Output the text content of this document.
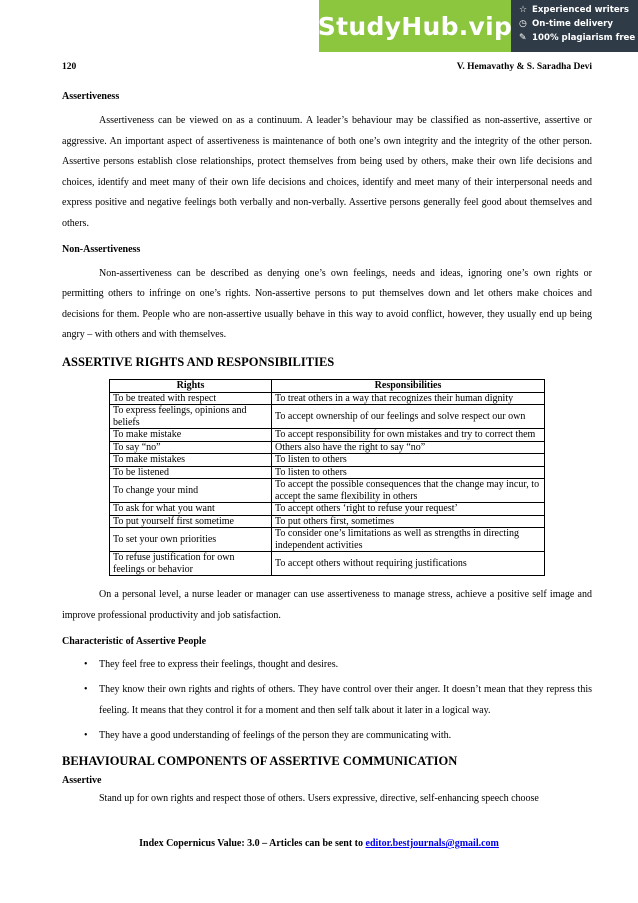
StudyHub.vip
☆ Experienced writers
◷ On-time delivery
✎ 100% plagiarism free
120	V. Hemavathy & S. Saradha Devi
Assertiveness

Assertiveness can be viewed on as a continuum. A leader’s behaviour may be classified as non-assertive, assertive or aggressive. An important aspect of assertiveness is maintenance of both one’s own integrity and the integrity of the other person. Assertive persons establish close relationships, protect themselves from being used by others, make their own life decisions and choices, identify and meet many of their own life decisions and choices, identify and meet many of their interpersonal needs and express positive and negative feelings both verbally and non-verbally. Assertive persons generally feel good about themselves and others.

Non-Assertiveness

Non-assertiveness can be described as denying one’s own feelings, needs and ideas, ignoring one’s own rights or permitting others to infringe on one’s rights. Non-assertive persons to put themselves down and let others make choices and decisions for them. People who are non-assertive usually behave in this way to avoid conflict, however, they usually end up being angry – with others and with themselves.

ASSERTIVE RIGHTS AND RESPONSIBILITIES
Rights	Responsibilities
To be treated with respect	To treat others in a way that recognizes their human dignity
To express feelings, opinions and beliefs	To accept ownership of our feelings and solve respect our own
To make mistake	To accept responsibility for own mistakes and try to correct them
To say “no”	Others also have the right to say “no”
To make mistakes	To listen to others
To be listened	To listen to others
To change your mind	To accept the possible consequences that the change may incur, to accept the same flexibility in others
To ask for what you want	To accept others ‘right to refuse your request’
To put yourself first sometime	To put others first, sometimes
To set your own priorities	To consider one’s limitations as well as strengths in directing independent activities
To refuse justification for own feelings or behavior	To accept others without requiring justifications

On a personal level, a nurse leader or manager can use assertiveness to manage stress, achieve a positive self image and improve professional productivity and job satisfaction.

Characteristic of Assertive People
• They feel free to express their feelings, thought and desires.
• They know their own rights and rights of others. They have control over their anger. It doesn’t mean that they repress this feeling. It means that they control it for a moment and then self talk about it later in a logical way.
• They have a good understanding of feelings of the person they are communicating with.
BEHAVIOURAL COMPONENTS OF ASSERTIVE COMMUNICATION
Assertive

Stand up for own rights and respect those of others. Users expressive, directive, self-enhancing speech choose

Index Copernicus Value: 3.0 – Articles can be sent to editor.bestjournals@gmail.com
